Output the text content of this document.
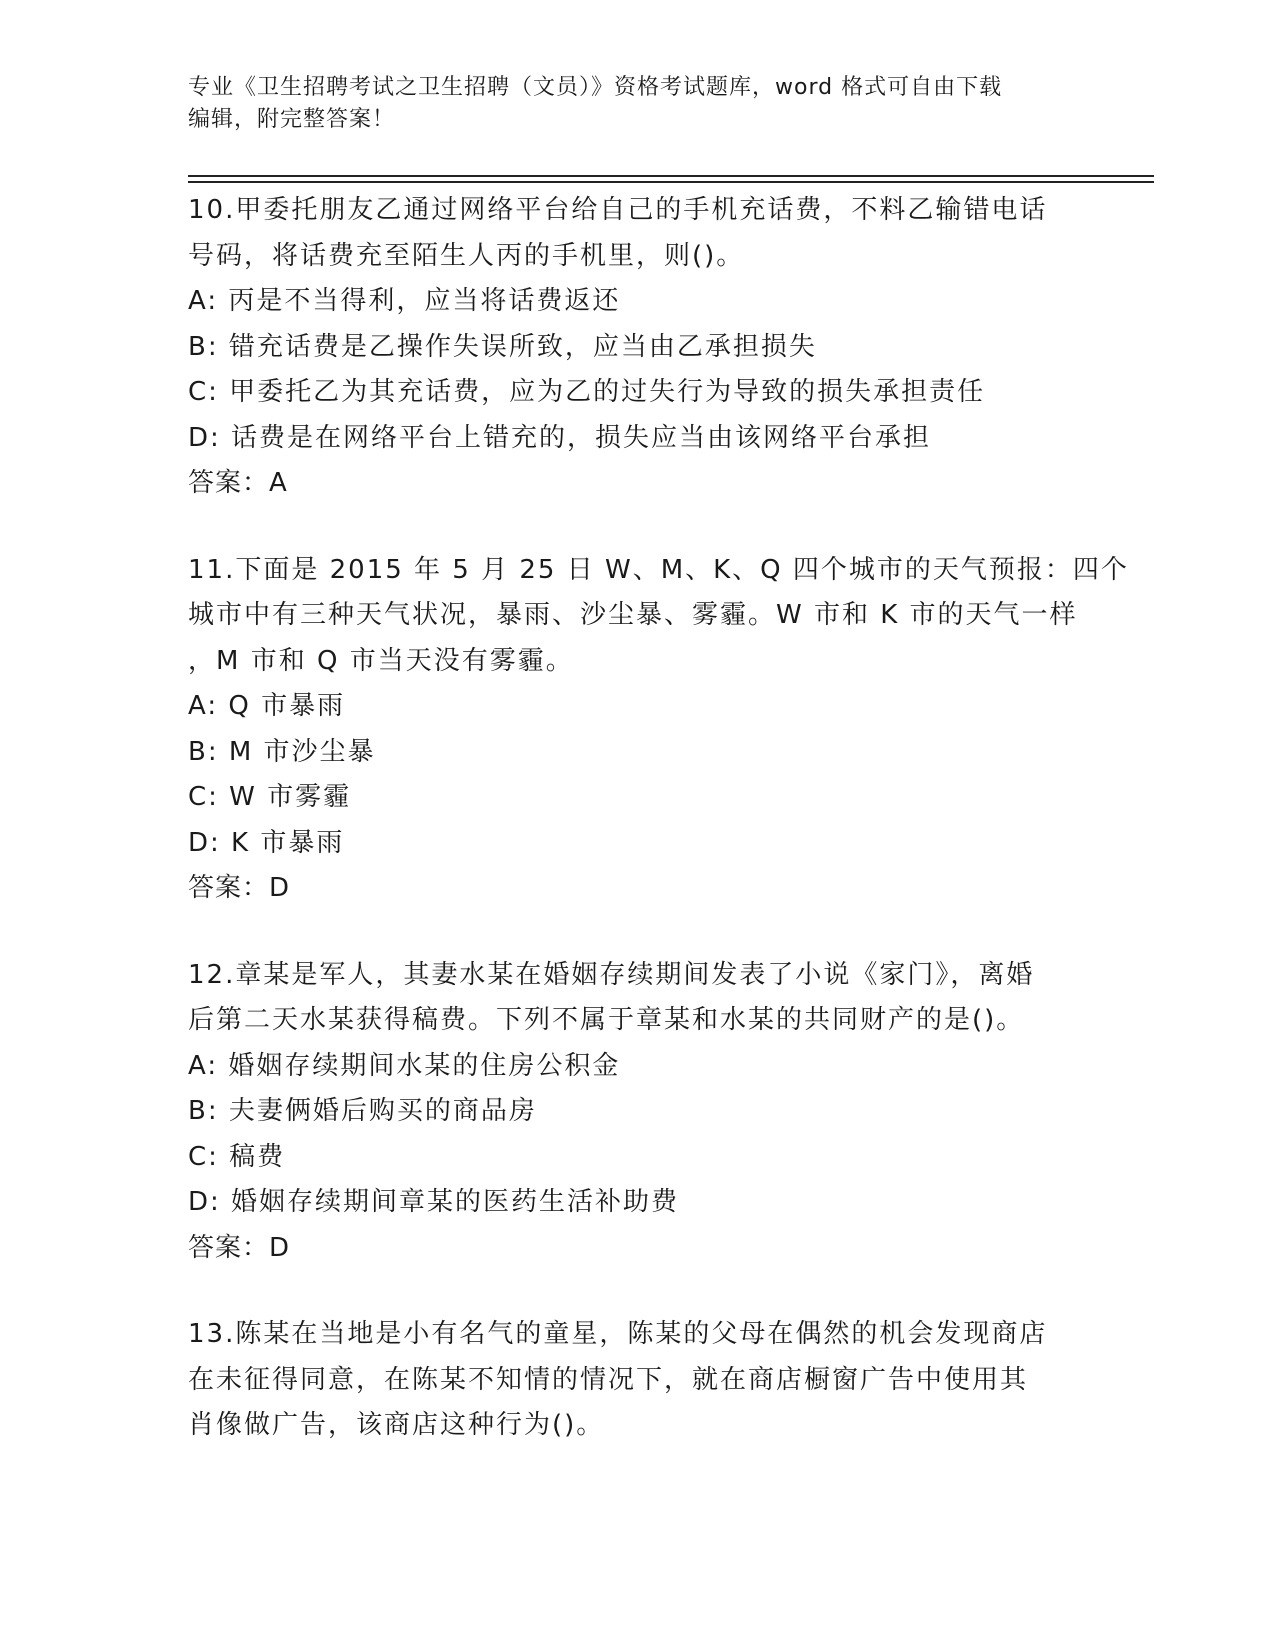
专业《卫生招聘考试之卫生招聘（文员）》资格考试题库，word 格式可自由下载
编辑，附完整答案！
10.甲委托朋友乙通过网络平台给自己的手机充话费，不料乙输错电话
号码，将话费充至陌生人丙的手机里，则()。
A: 丙是不当得利，应当将话费返还
B: 错充话费是乙操作失误所致，应当由乙承担损失
C: 甲委托乙为其充话费，应为乙的过失行为导致的损失承担责任
D: 话费是在网络平台上错充的，损失应当由该网络平台承担
答案：A
11.下面是 2015 年 5 月 25 日 W、M、K、Q 四个城市的天气预报：四个
城市中有三种天气状况，暴雨、沙尘暴、雾霾。W 市和 K 市的天气一样
，M 市和 Q 市当天没有雾霾。
A: Q 市暴雨
B: M 市沙尘暴
C: W 市雾霾
D: K 市暴雨
答案：D
12.章某是军人，其妻水某在婚姻存续期间发表了小说《家门》，离婚
后第二天水某获得稿费。下列不属于章某和水某的共同财产的是()。
A: 婚姻存续期间水某的住房公积金
B: 夫妻俩婚后购买的商品房
C: 稿费
D: 婚姻存续期间章某的医药生活补助费
答案：D
13.陈某在当地是小有名气的童星，陈某的父母在偶然的机会发现商店
在未征得同意，在陈某不知情的情况下，就在商店橱窗广告中使用其
肖像做广告，该商店这种行为()。
